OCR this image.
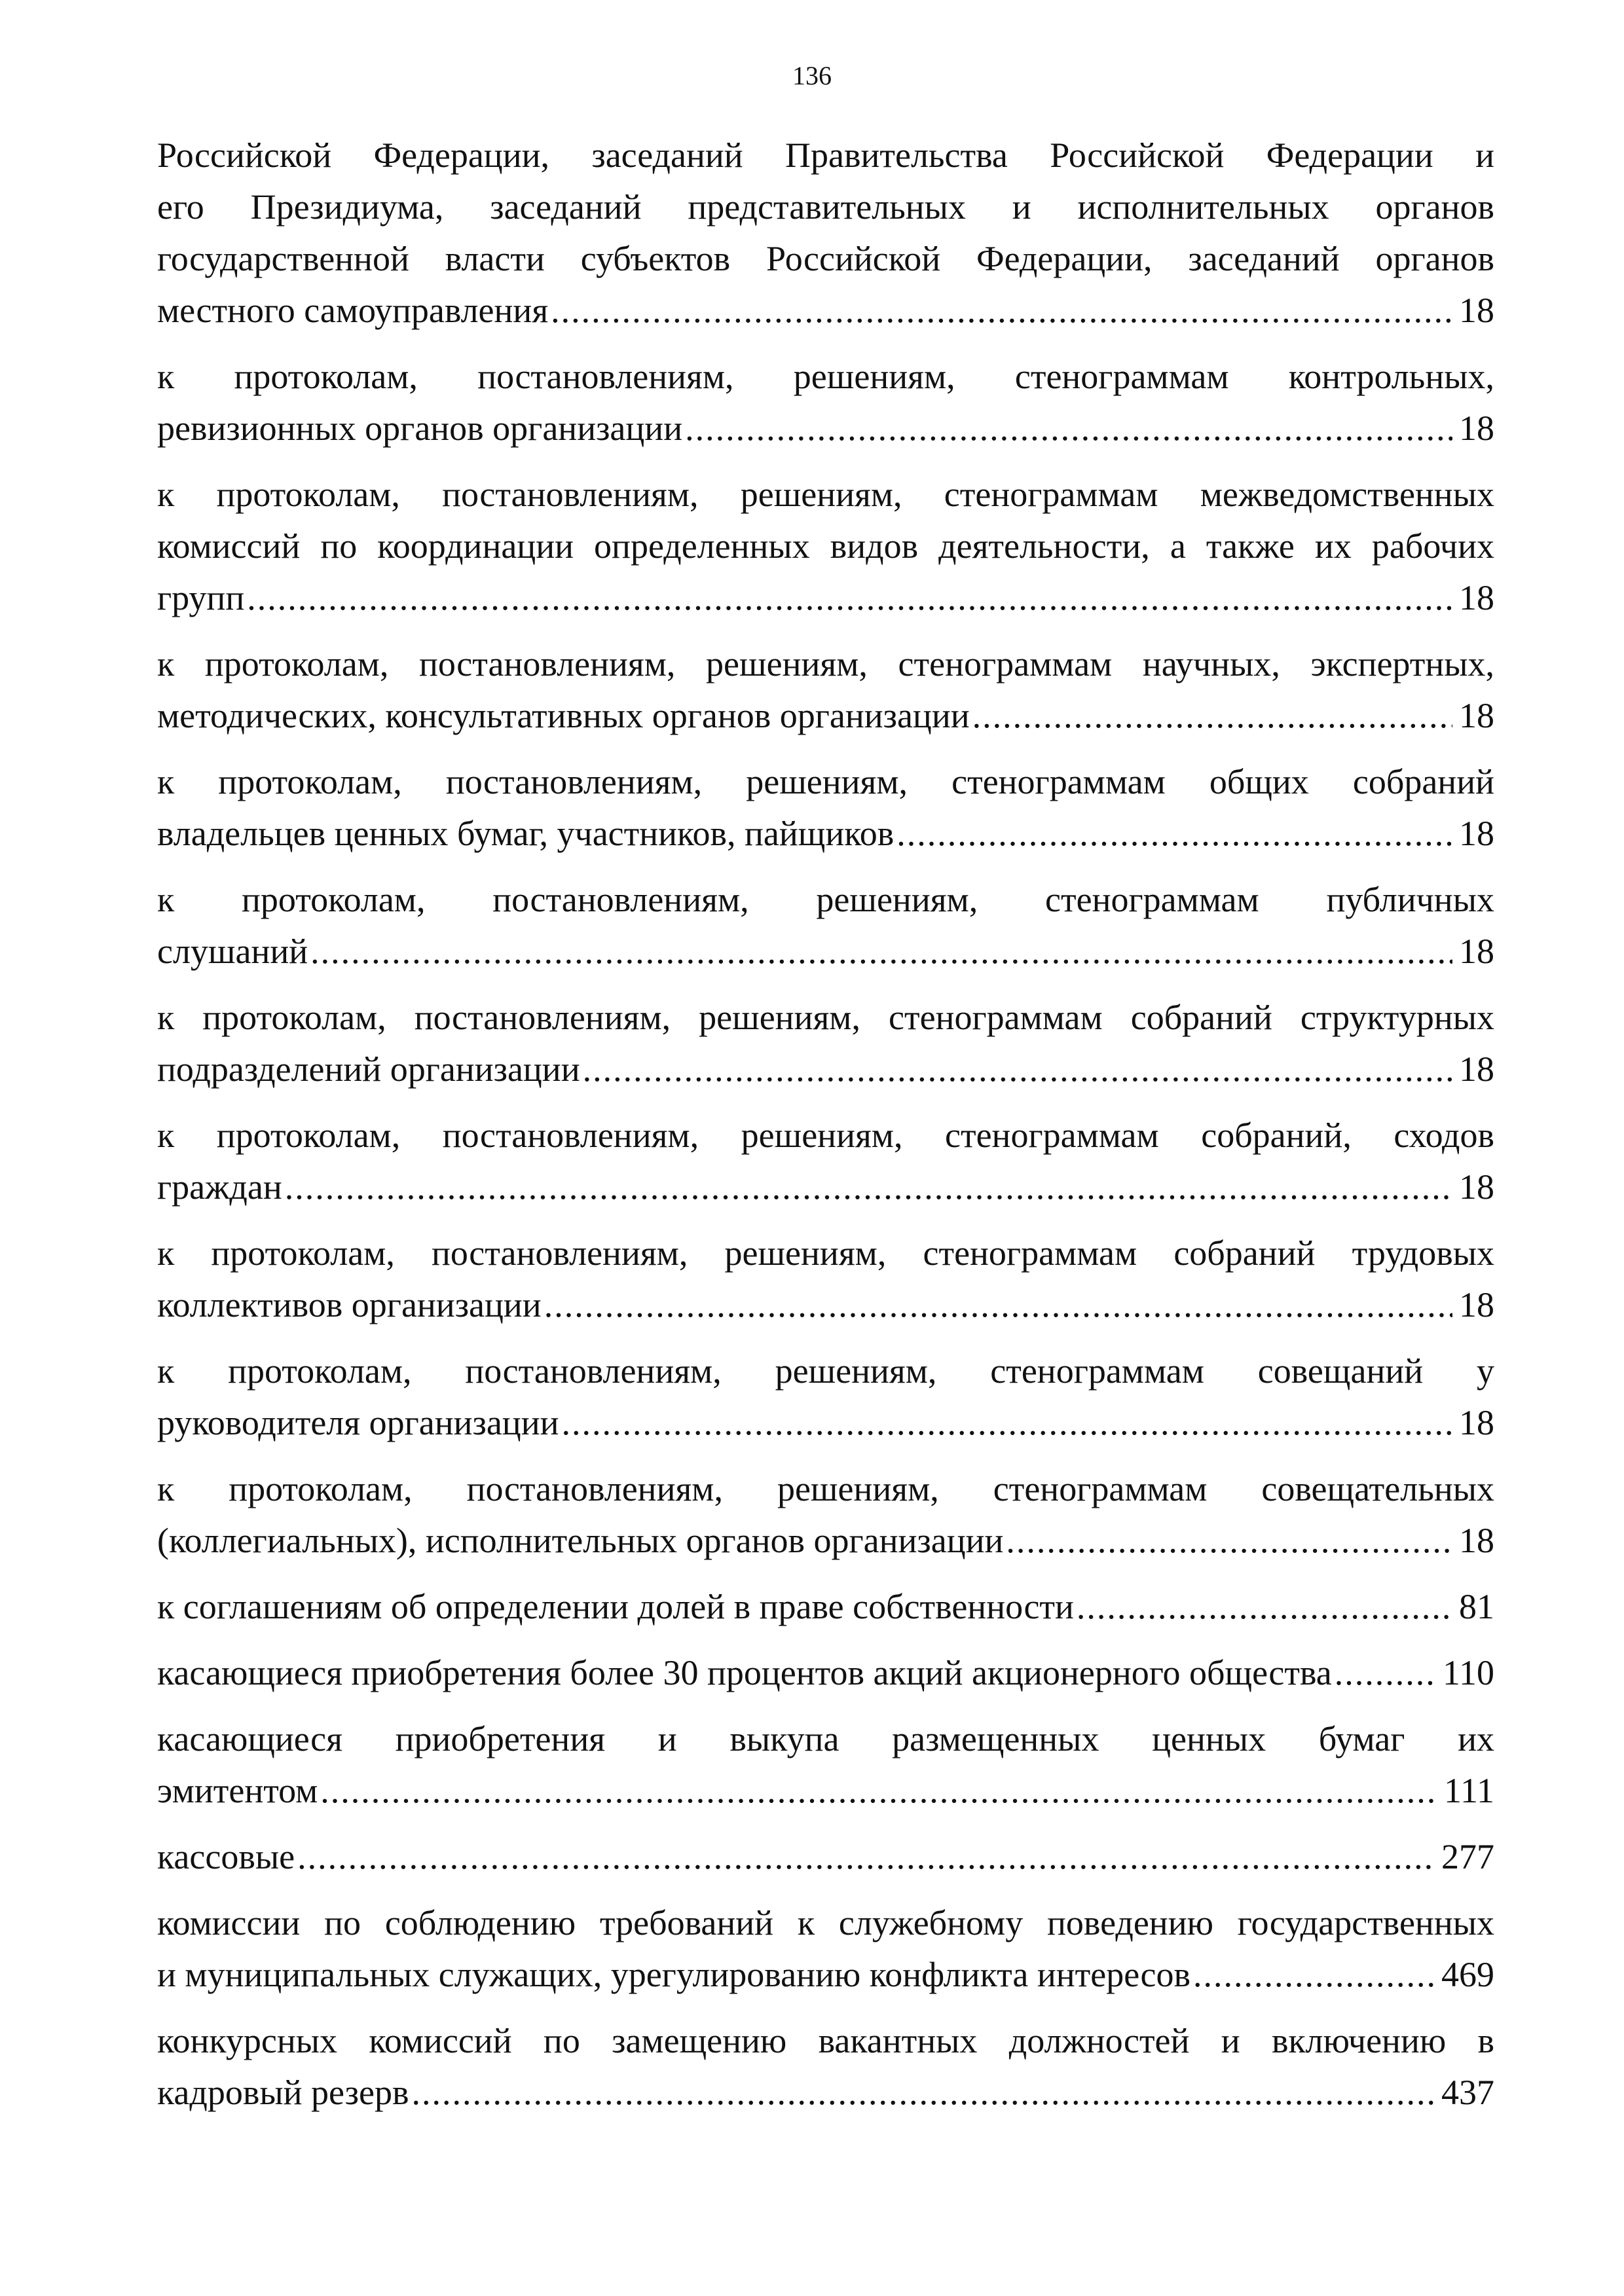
136
Российской Федерации, заседаний Правительства Российской Федерации и
его Президиума, заседаний представительных и исполнительных органов
государственной власти субъектов Российской Федерации, заседаний органов
местного самоуправления .....	18
к протоколам, постановлениям, решениям, стенограммам контрольных,
ревизионных органов организации .....	18
к протоколам, постановлениям, решениям, стенограммам межведомственных
комиссий по координации определенных видов деятельности, а также их рабочих
групп .....	18
к протоколам, постановлениям, решениям, стенограммам научных, экспертных,
методических, консультативных органов организации .....	18
к протоколам, постановлениям, решениям, стенограммам общих собраний
владельцев ценных бумаг, участников, пайщиков .....	18
к протоколам, постановлениям, решениям, стенограммам публичных
слушаний .....	18
к протоколам, постановлениям, решениям, стенограммам собраний структурных
подразделений организации .....	18
к протоколам, постановлениям, решениям, стенограммам собраний, сходов
граждан .....	18
к протоколам, постановлениям, решениям, стенограммам собраний трудовых
коллективов организации .....	18
к протоколам, постановлениям, решениям, стенограммам совещаний у
руководителя организации .....	18
к протоколам, постановлениям, решениям, стенограммам совещательных
(коллегиальных), исполнительных органов организации .....	18
к соглашениям об определении долей в праве собственности .....	81
касающиеся приобретения более 30 процентов акций акционерного общества .....	110
касающиеся приобретения и выкупа размещенных ценных бумаг их
эмитентом .....	111
кассовые .....	277
комиссии по соблюдению требований к служебному поведению государственных
и муниципальных служащих, урегулированию конфликта интересов .....	469
конкурсных комиссий по замещению вакантных должностей и включению в
кадровый резерв .....	437
